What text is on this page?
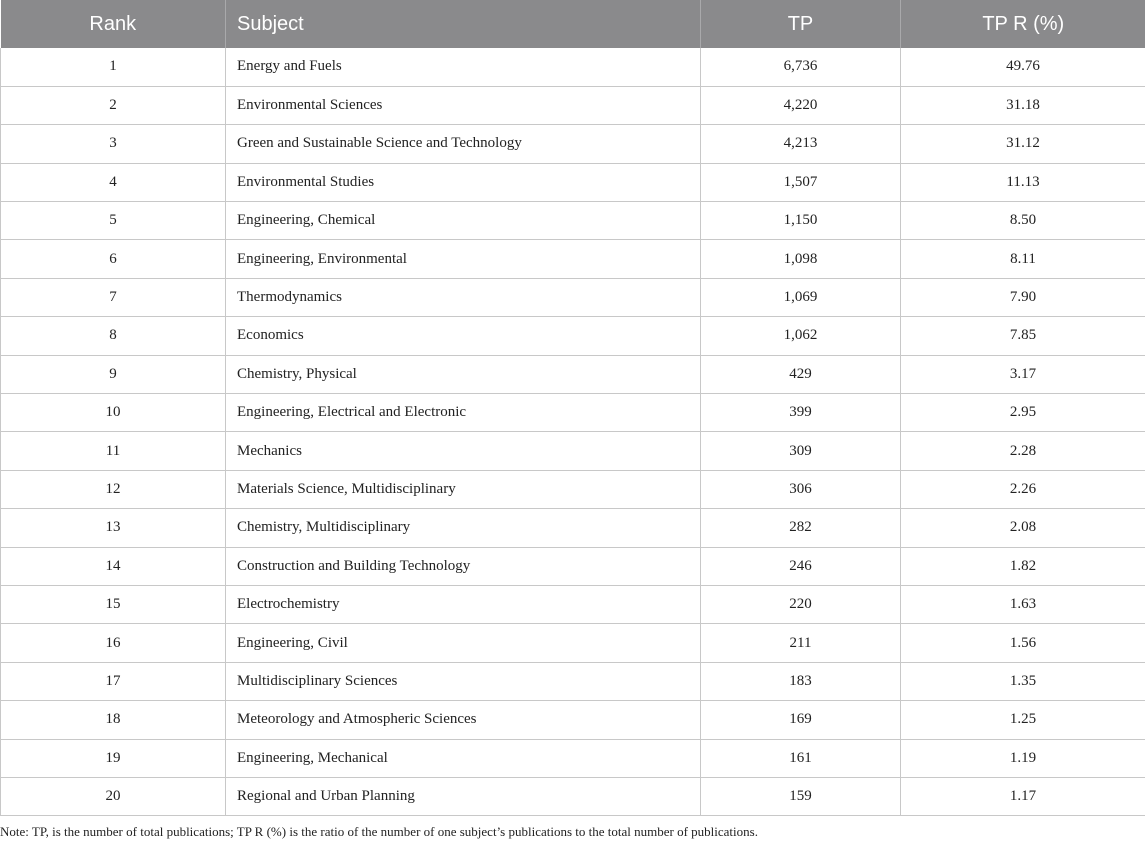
Rank	Subject	TP	TP R (%)
1	Energy and Fuels	6,736	49.76
2	Environmental Sciences	4,220	31.18
3	Green and Sustainable Science and Technology	4,213	31.12
4	Environmental Studies	1,507	11.13
5	Engineering, Chemical	1,150	8.50
6	Engineering, Environmental	1,098	8.11
7	Thermodynamics	1,069	7.90
8	Economics	1,062	7.85
9	Chemistry, Physical	429	3.17
10	Engineering, Electrical and Electronic	399	2.95
11	Mechanics	309	2.28
12	Materials Science, Multidisciplinary	306	2.26
13	Chemistry, Multidisciplinary	282	2.08
14	Construction and Building Technology	246	1.82
15	Electrochemistry	220	1.63
16	Engineering, Civil	211	1.56
17	Multidisciplinary Sciences	183	1.35
18	Meteorology and Atmospheric Sciences	169	1.25
19	Engineering, Mechanical	161	1.19
20	Regional and Urban Planning	159	1.17
Note: TP, is the number of total publications; TP R (%) is the ratio of the number of one subject’s publications to the total number of publications.
